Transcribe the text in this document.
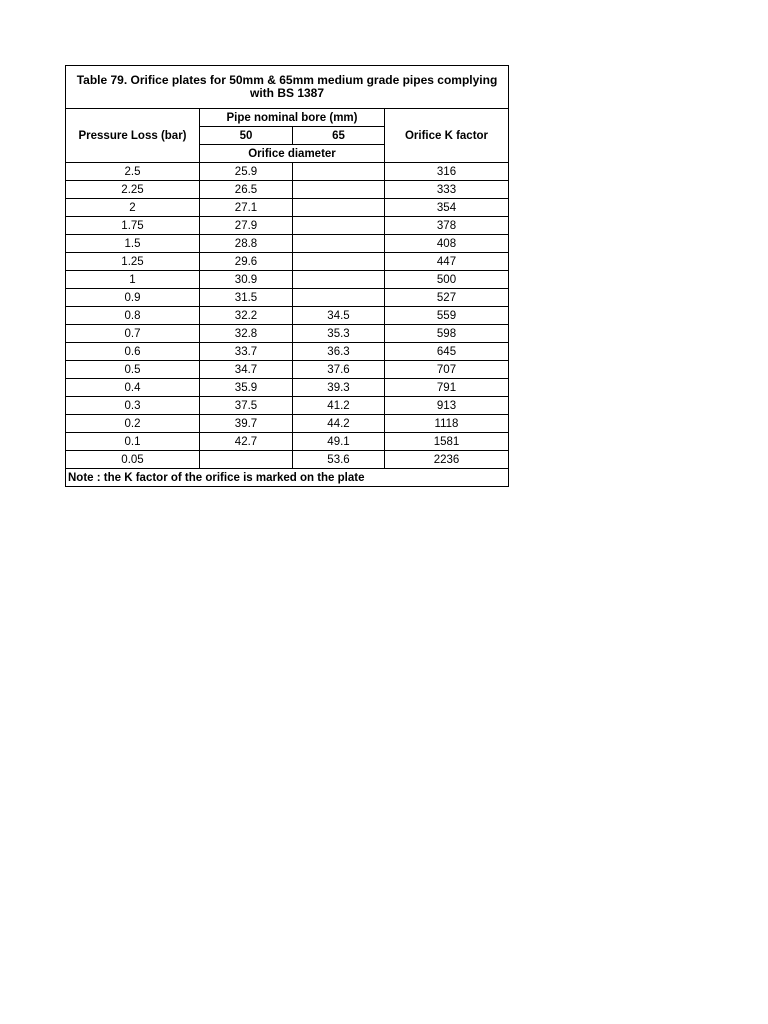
Table 79. Orifice plates for 50mm & 65mm medium grade pipes complying with BS 1387			
Pressure Loss (bar)	Pipe nominal bore (mm)		Orifice K factor
	50	65	
	Orifice diameter		
2.5	25.9		316
2.25	26.5		333
2	27.1		354
1.75	27.9		378
1.5	28.8		408
1.25	29.6		447
1	30.9		500
0.9	31.5		527
0.8	32.2	34.5	559
0.7	32.8	35.3	598
0.6	33.7	36.3	645
0.5	34.7	37.6	707
0.4	35.9	39.3	791
0.3	37.5	41.2	913
0.2	39.7	44.2	1118
0.1	42.7	49.1	1581
0.05		53.6	2236
Note : the K factor of the orifice is marked on the plate			
